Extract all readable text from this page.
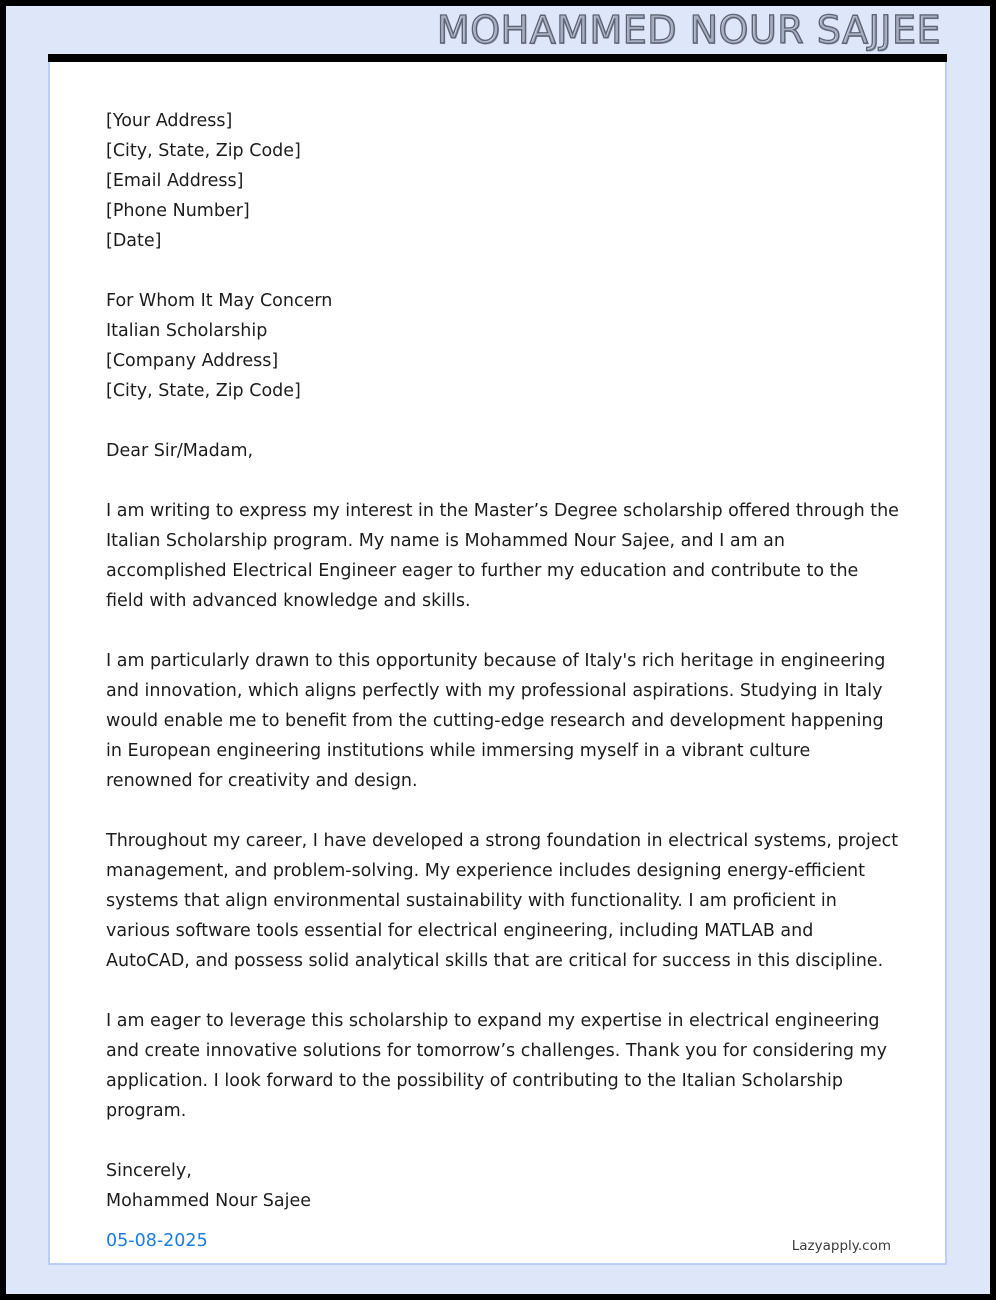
MOHAMMED NOUR SAJJEE
[Your Address]
[City, State, Zip Code]
[Email Address]
[Phone Number]
[Date]
For Whom It May Concern
Italian Scholarship
[Company Address]
[City, State, Zip Code]
Dear Sir/Madam,

I am writing to express my interest in the Master’s Degree scholarship offered through the Italian Scholarship program. My name is Mohammed Nour Sajee, and I am an accomplished Electrical Engineer eager to further my education and contribute to the field with advanced knowledge and skills.

I am particularly drawn to this opportunity because of Italy's rich heritage in engineering and innovation, which aligns perfectly with my professional aspirations. Studying in Italy would enable me to benefit from the cutting-edge research and development happening in European engineering institutions while immersing myself in a vibrant culture renowned for creativity and design.

Throughout my career, I have developed a strong foundation in electrical systems, project management, and problem-solving. My experience includes designing energy-efficient systems that align environmental sustainability with functionality. I am proficient in various software tools essential for electrical engineering, including MATLAB and AutoCAD, and possess solid analytical skills that are critical for success in this discipline.

I am eager to leverage this scholarship to expand my expertise in electrical engineering and create innovative solutions for tomorrow’s challenges. Thank you for considering my application. I look forward to the possibility of contributing to the Italian Scholarship program.

Sincerely,
Mohammed Nour Sajee
05-08-2025	Lazyapply.com
